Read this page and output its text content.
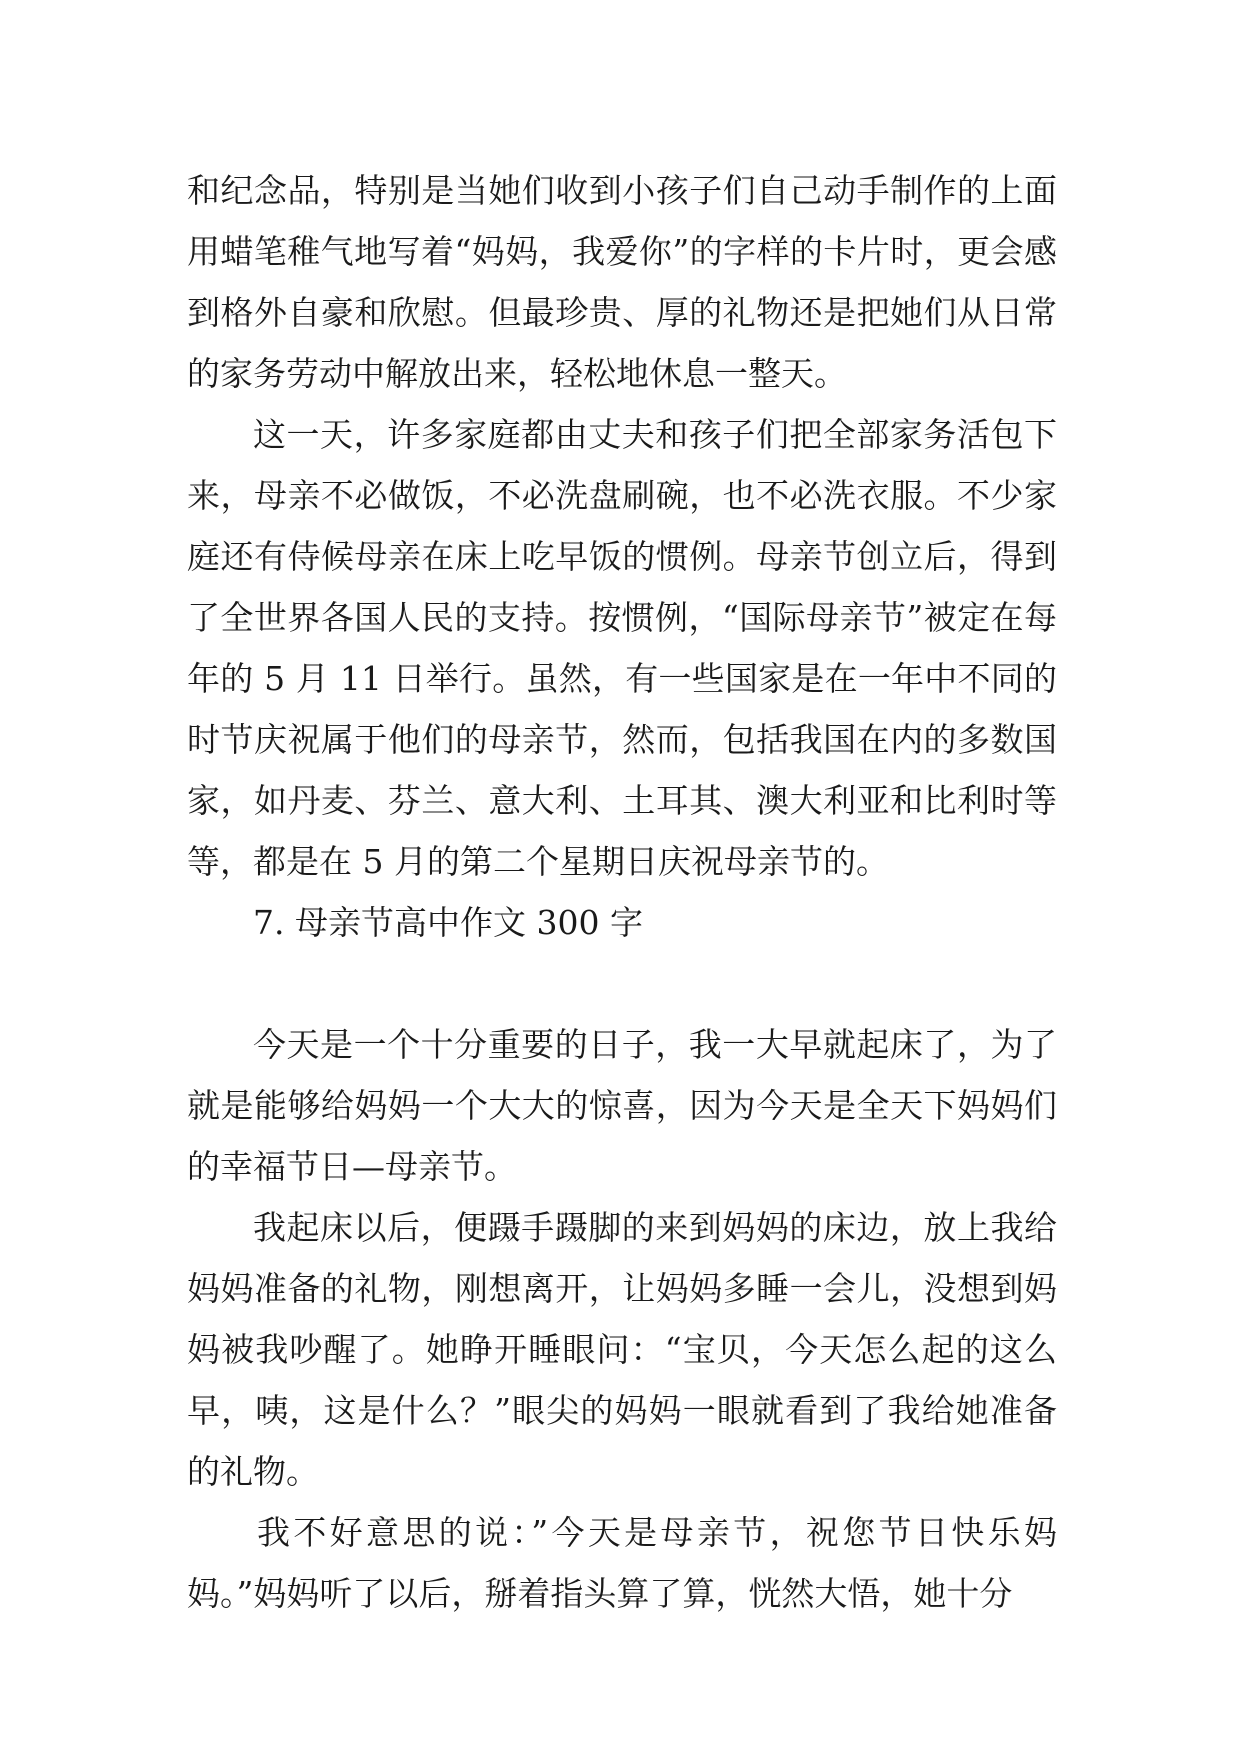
和纪念品，特别是当她们收到小孩子们自己动手制作的上面用蜡笔稚气地写着“妈妈，我爱你”的字样的卡片时，更会感到格外自豪和欣慰。但最珍贵、厚的礼物还是把她们从日常的家务劳动中解放出来，轻松地休息一整天。

这一天，许多家庭都由丈夫和孩子们把全部家务活包下来，母亲不必做饭，不必洗盘刷碗，也不必洗衣服。不少家庭还有侍候母亲在床上吃早饭的惯例。母亲节创立后，得到了全世界各国人民的支持。按惯例，“国际母亲节”被定在每年的 5 月 11 日举行。虽然，有一些国家是在一年中不同的时节庆祝属于他们的母亲节，然而，包括我国在内的多数国家，如丹麦、芬兰、意大利、土耳其、澳大利亚和比利时等等，都是在 5 月的第二个星期日庆祝母亲节的。

7. 母亲节高中作文 300 字

今天是一个十分重要的日子，我一大早就起床了，为了就是能够给妈妈一个大大的惊喜，因为今天是全天下妈妈们的幸福节日—母亲节。

我起床以后，便蹑手蹑脚的来到妈妈的床边，放上我给妈妈准备的礼物，刚想离开，让妈妈多睡一会儿，没想到妈妈被我吵醒了。她睁开睡眼问：“宝贝，今天怎么起的这么早，咦，这是什么？”眼尖的妈妈一眼就看到了我给她准备的礼物。

我不好意思的说：”今天是母亲节，祝您节日快乐妈妈。”妈妈听了以后，掰着指头算了算，恍然大悟，她十分
